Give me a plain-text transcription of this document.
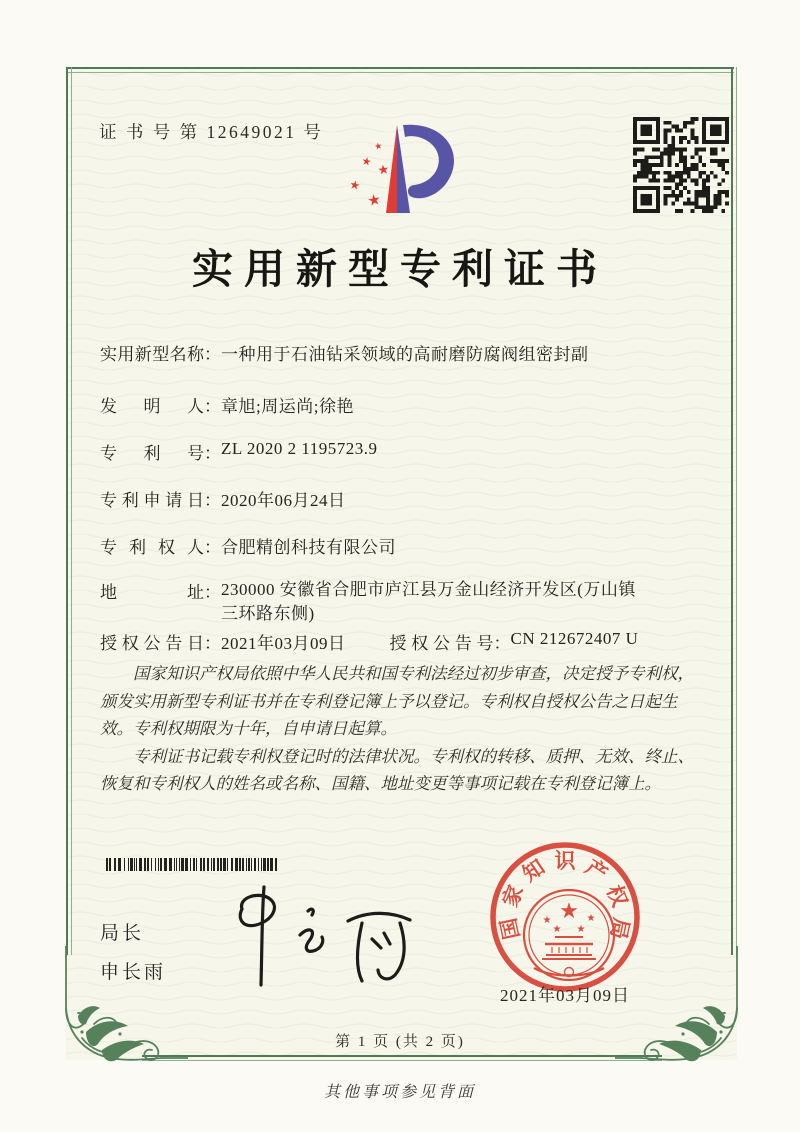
证 书 号 第 12649021 号
★
★
★
★
★
实用新型专利证书
实用新型名称 ： 一种用于石油钻采领域的高耐磨防腐阀组密封副
发明人 ： 章旭;周运尚;徐艳
专利号 ： ZL 2020 2 1195723.9
专利申请日 ： 2020年06月24日
专利权人 ： 合肥精创科技有限公司
地址 ： 230000 安徽省合肥市庐江县万金山经济开发区(万山镇三环路东侧)
授权公告日 ： 2021年03月09日	授权公告号 ： CN 212672407 U

国家知识产权局依照中华人民共和国专利法经过初步审查，决定授予专利权，颁发实用新型专利证书并在专利登记簿上予以登记。专利权自授权公告之日起生效。专利权期限为十年，自申请日起算。

专利证书记载专利权登记时的法律状况。专利权的转移、质押、无效、终止、恢复和专利权人的姓名或名称、国籍、地址变更等事项记载在专利登记簿上。

局长
申长雨
国
家
知 识 产
权
局
★
★
★
★
★
2021年03月09日
第 1 页 (共 2 页)
其他事项参见背面
